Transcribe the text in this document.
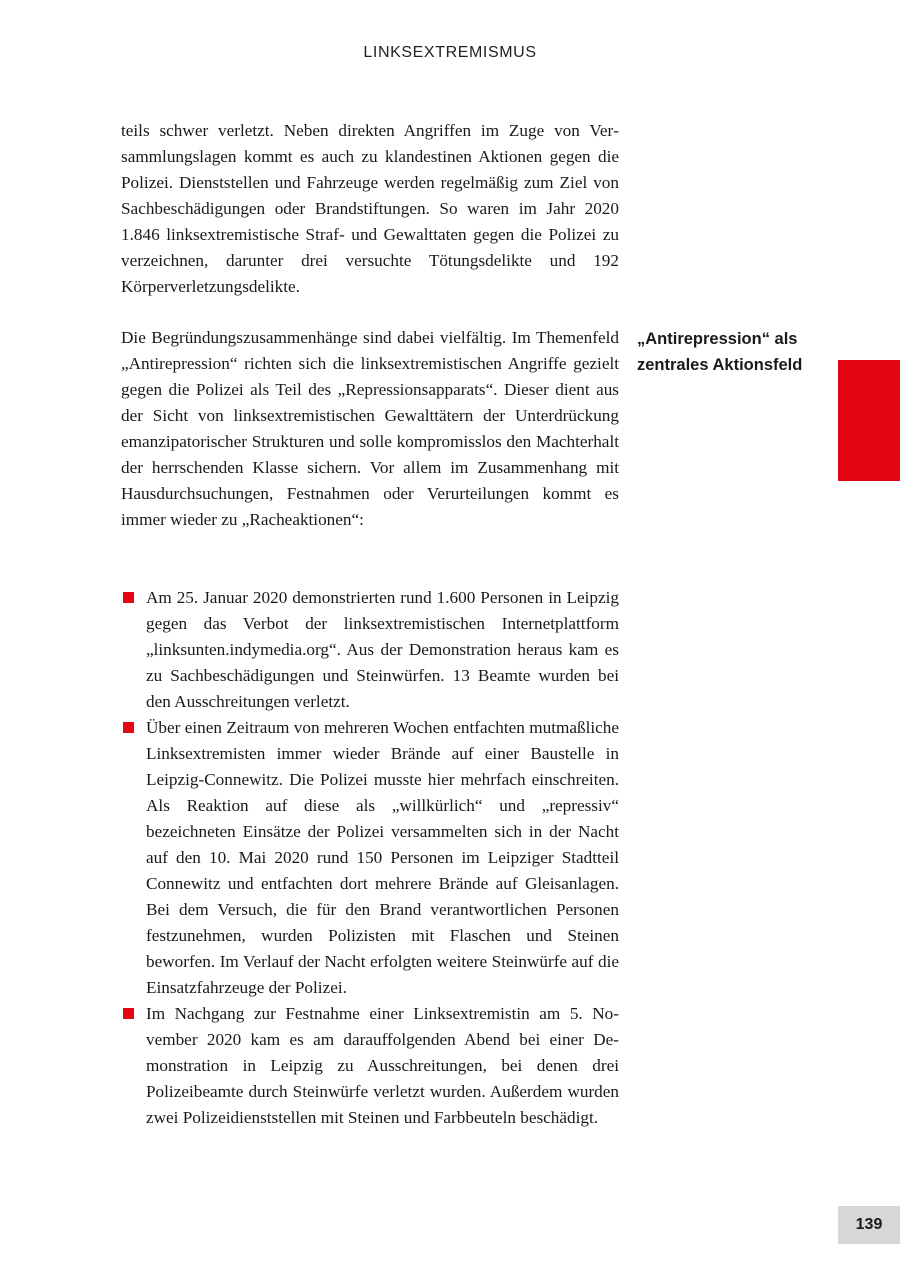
LINKSEXTREMISMUS

teils schwer verletzt. Neben direkten Angriffen im Zuge von Versammlungslagen kommt es auch zu klandestinen Aktionen gegen die Polizei. Dienststellen und Fahrzeuge werden regelmäßig zum Ziel von Sachbeschädigungen oder Brandstiftungen. So waren im Jahr 2020 1.846 linksextremistische Straf- und Gewalttaten gegen die Polizei zu verzeichnen, darunter drei versuchte Tötungsdelikte und 192 Körperverletzungsdelikte.

Die Begründungszusammenhänge sind dabei vielfältig. Im Themenfeld „Antirepression“ richten sich die linksextremistischen Angriffe gezielt gegen die Polizei als Teil des „Repressionsapparats“. Dieser dient aus der Sicht von linksextremistischen Gewalttätern der Unterdrückung emanzipatorischer Strukturen und solle kompromisslos den Machterhalt der herrschenden Klasse sichern. Vor allem im Zusammenhang mit Hausdurchsuchungen, Festnahmen oder Verurteilungen kommt es immer wieder zu „Racheaktionen“:

Am 25. Januar 2020 demonstrierten rund 1.600 Personen in Leipzig gegen das Verbot der linksextremistischen Internetplattform „linksunten.indymedia.org“. Aus der Demonstration heraus kam es zu Sachbeschädigungen und Steinwürfen. 13 Beamte wurden bei den Ausschreitungen verletzt.
Über einen Zeitraum von mehreren Wochen entfachten mutmaßliche Linksextremisten immer wieder Brände auf einer Baustelle in Leipzig-Connewitz. Die Polizei musste hier mehrfach einschreiten. Als Reaktion auf diese als „willkürlich“ und „repressiv“ bezeichneten Einsätze der Polizei versammelten sich in der Nacht auf den 10. Mai 2020 rund 150 Personen im Leipziger Stadtteil Connewitz und entfachten dort mehrere Brände auf Gleisanlagen. Bei dem Versuch, die für den Brand verantwortlichen Personen festzunehmen, wurden Polizisten mit Flaschen und Steinen beworfen. Im Verlauf der Nacht erfolgten weitere Steinwürfe auf die Einsatzfahrzeuge der Polizei.
Im Nachgang zur Festnahme einer Linksextremistin am 5. November 2020 kam es am darauffolgenden Abend bei einer Demonstration in Leipzig zu Ausschreitungen, bei denen drei Polizeibeamte durch Steinwürfe verletzt wurden. Außerdem wurden zwei Polizeidienststellen mit Steinen und Farbbeuteln beschädigt.
„Antirepression“ als zentrales Aktionsfeld
139
